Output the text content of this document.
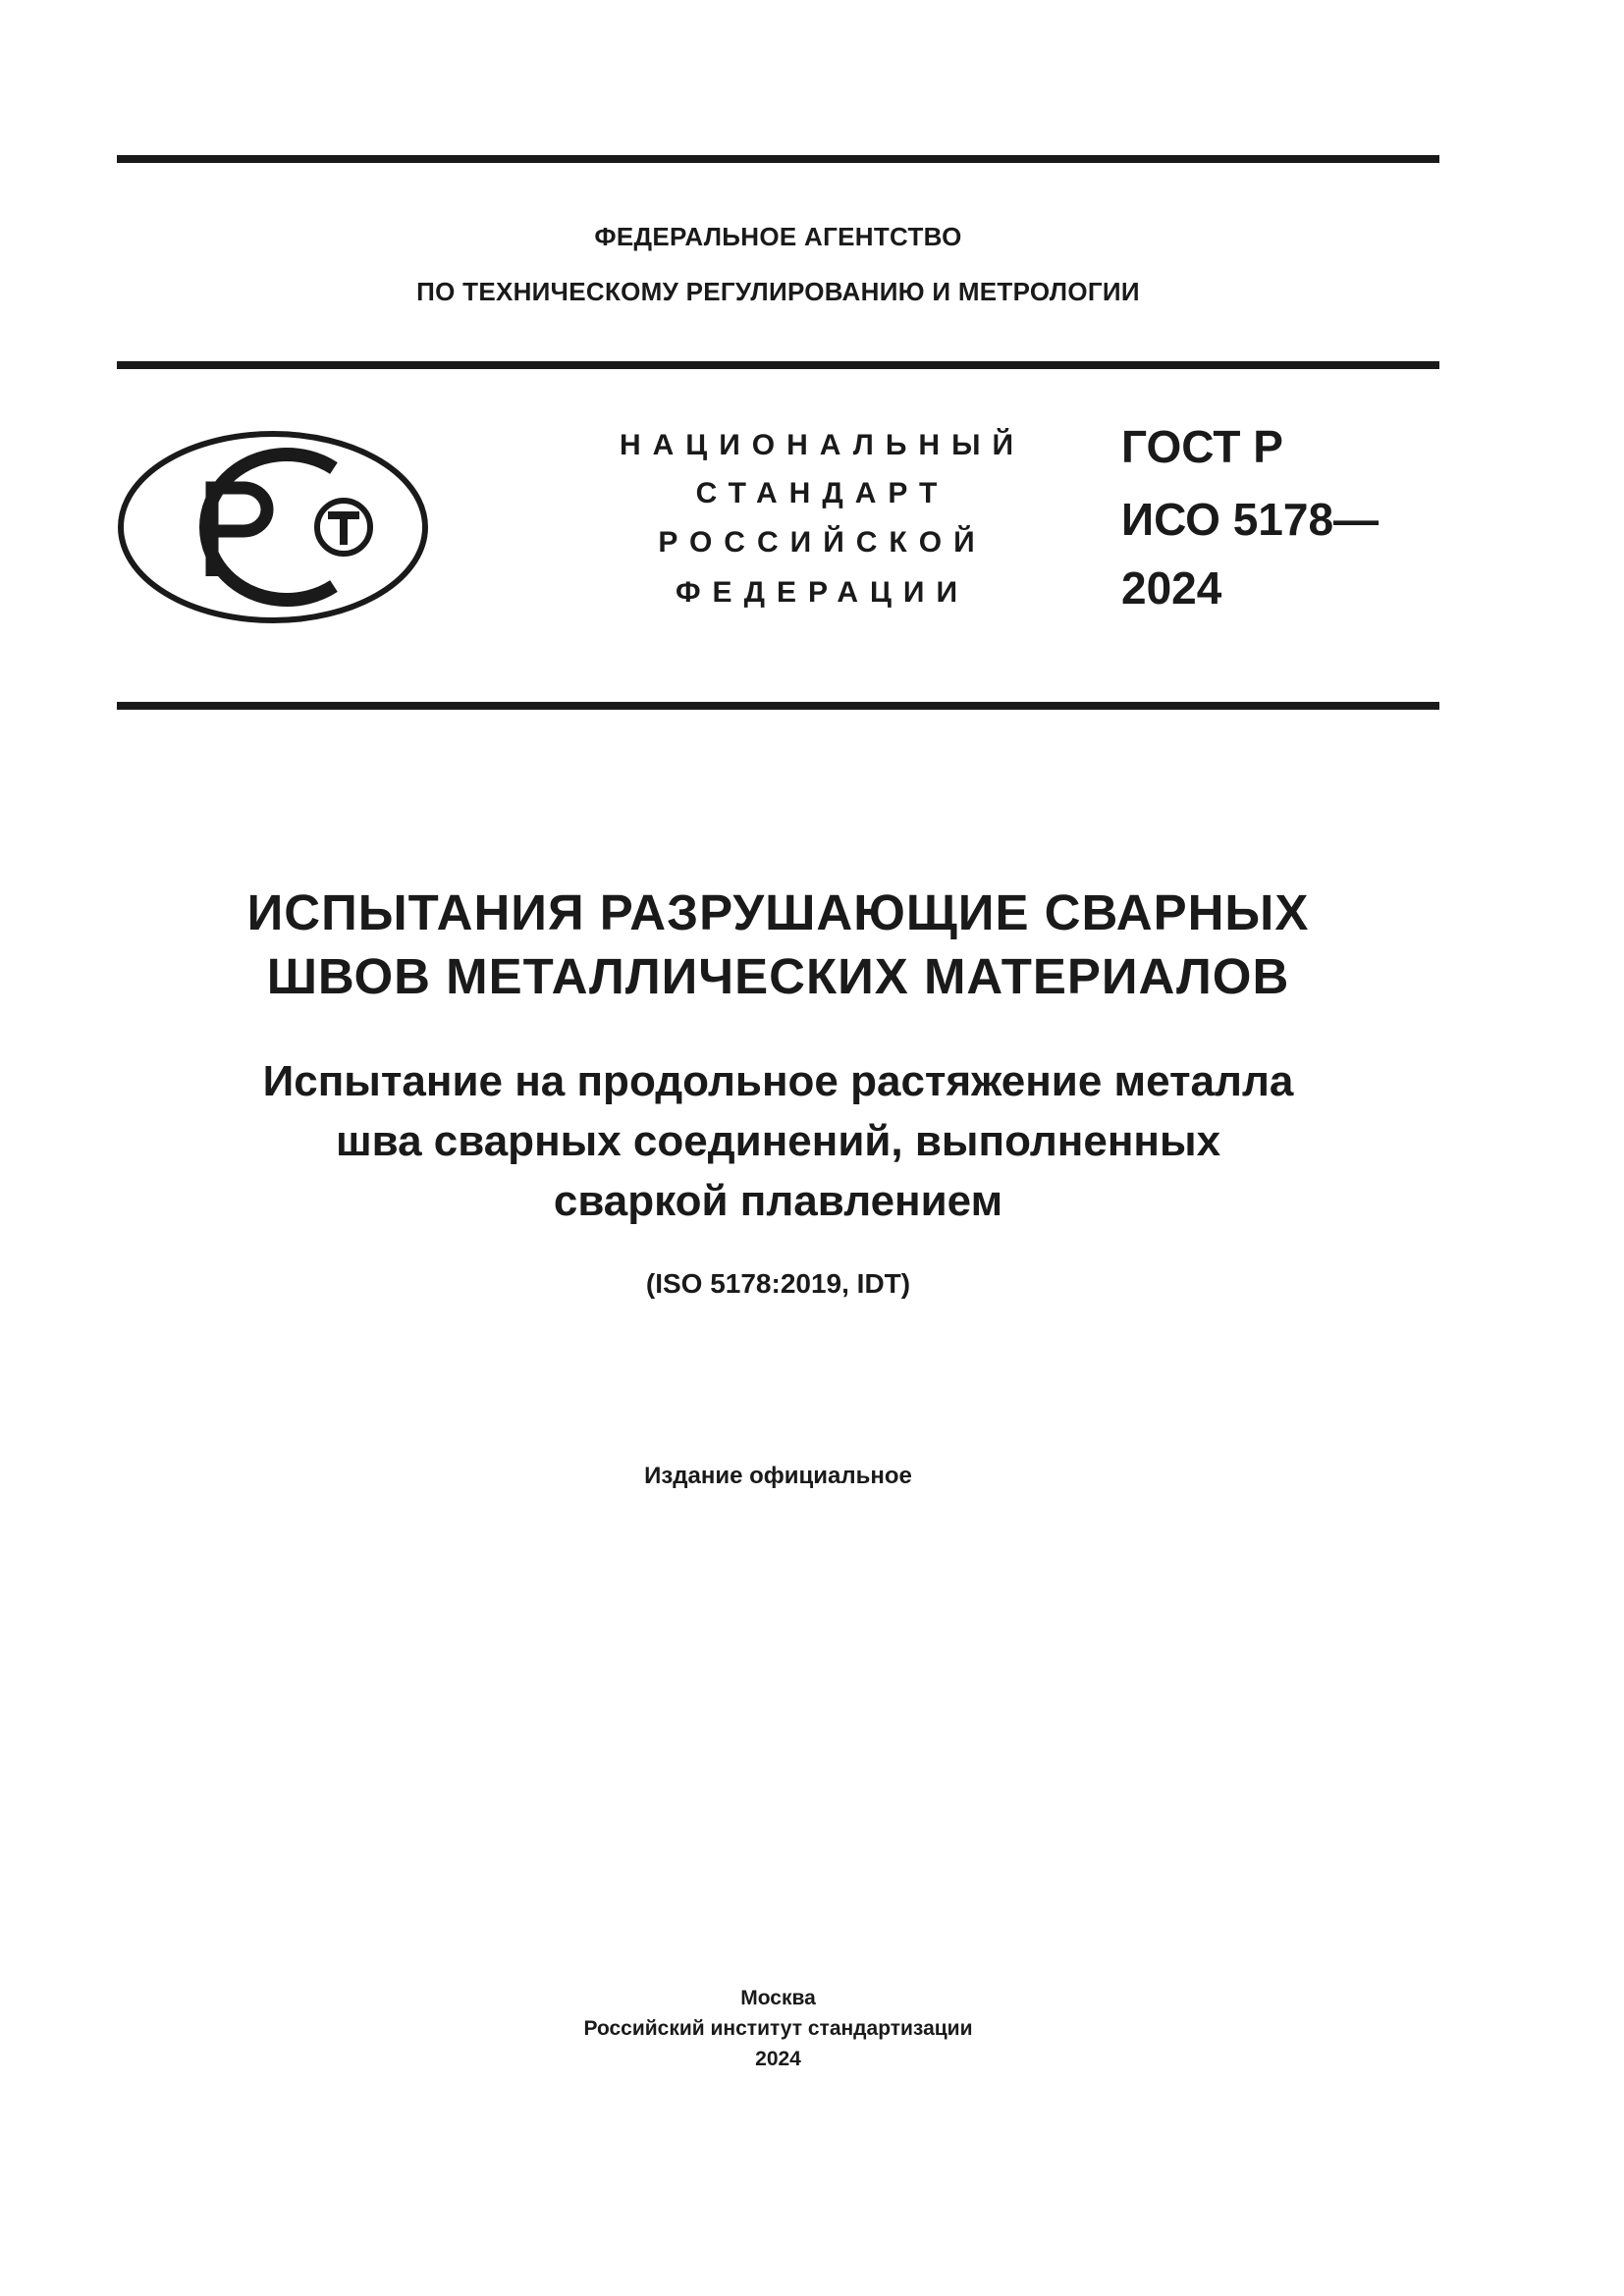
ФЕДЕРАЛЬНОЕ АГЕНТСТВО
ПО ТЕХНИЧЕСКОМУ РЕГУЛИРОВАНИЮ И МЕТРОЛОГИИ
НАЦИОНАЛЬНЫЙ
СТАНДАРТ
РОССИЙСКОЙ
ФЕДЕРАЦИИ
ГОСТ Р
ИСО 5178—
2024
ИСПЫТАНИЯ РАЗРУШАЮЩИЕ СВАРНЫХ
ШВОВ МЕТАЛЛИЧЕСКИХ МАТЕРИАЛОВ
Испытание на продольное растяжение металла
шва сварных соединений, выполненных
сваркой плавлением
(ISO 5178:2019, IDT)
Издание официальное
Москва
Российский институт стандартизации
2024
